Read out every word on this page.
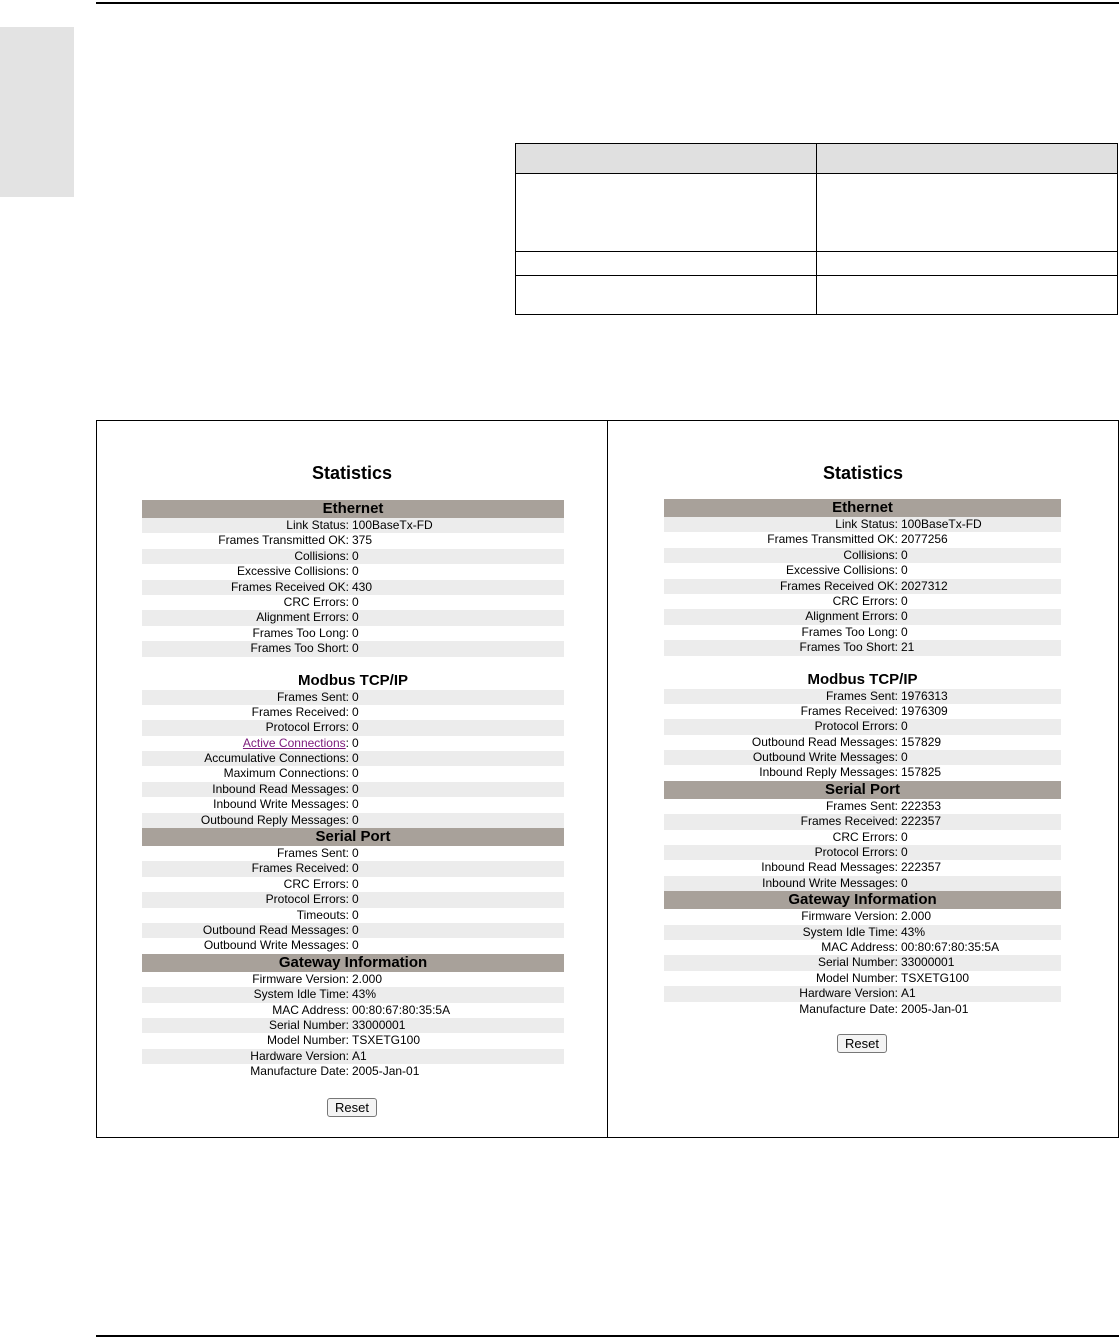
Statistics
Ethernet
Link Status: 100BaseTx-FD
Frames Transmitted OK: 375
Collisions: 0
Excessive Collisions: 0
Frames Received OK: 430
CRC Errors: 0
Alignment Errors: 0
Frames Too Long: 0
Frames Too Short: 0
Modbus TCP/IP
Frames Sent: 0
Frames Received: 0
Protocol Errors: 0
Active Connections: 0
Accumulative Connections: 0
Maximum Connections: 0
Inbound Read Messages: 0
Inbound Write Messages: 0
Outbound Reply Messages: 0
Serial Port
Frames Sent: 0
Frames Received: 0
CRC Errors: 0
Protocol Errors: 0
Timeouts: 0
Outbound Read Messages: 0
Outbound Write Messages: 0
Gateway Information
Firmware Version: 2.000
System Idle Time: 43%
MAC Address: 00:80:67:80:35:5A
Serial Number: 33000001
Model Number: TSXETG100
Hardware Version: A1
Manufacture Date: 2005-Jan-01
Reset
Statistics
Ethernet
Link Status: 100BaseTx-FD
Frames Transmitted OK: 2077256
Collisions: 0
Excessive Collisions: 0
Frames Received OK: 2027312
CRC Errors: 0
Alignment Errors: 0
Frames Too Long: 0
Frames Too Short: 21
Modbus TCP/IP
Frames Sent: 1976313
Frames Received: 1976309
Protocol Errors: 0
Outbound Read Messages: 157829
Outbound Write Messages: 0
Inbound Reply Messages: 157825
Serial Port
Frames Sent: 222353
Frames Received: 222357
CRC Errors: 0
Protocol Errors: 0
Inbound Read Messages: 222357
Inbound Write Messages: 0
Gateway Information
Firmware Version: 2.000
System Idle Time: 43%
MAC Address: 00:80:67:80:35:5A
Serial Number: 33000001
Model Number: TSXETG100
Hardware Version: A1
Manufacture Date: 2005-Jan-01
Reset
